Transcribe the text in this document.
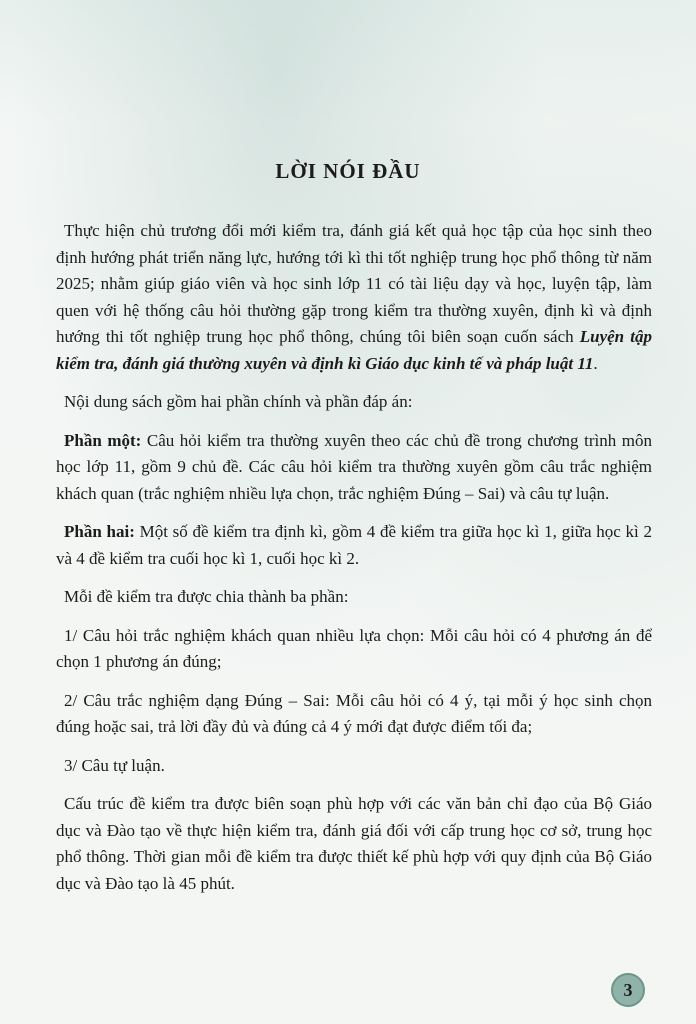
LỜI NÓI ĐẦU

Thực hiện chủ trương đổi mới kiểm tra, đánh giá kết quả học tập của học sinh theo định hướng phát triển năng lực, hướng tới kì thi tốt nghiệp trung học phổ thông từ năm 2025; nhằm giúp giáo viên và học sinh lớp 11 có tài liệu dạy và học, luyện tập, làm quen với hệ thống câu hỏi thường gặp trong kiểm tra thường xuyên, định kì và định hướng thi tốt nghiệp trung học phổ thông, chúng tôi biên soạn cuốn sách Luyện tập kiểm tra, đánh giá thường xuyên và định kì Giáo dục kinh tế và pháp luật 11.

Nội dung sách gồm hai phần chính và phần đáp án:

Phần một: Câu hỏi kiểm tra thường xuyên theo các chủ đề trong chương trình môn học lớp 11, gồm 9 chủ đề. Các câu hỏi kiểm tra thường xuyên gồm câu trắc nghiệm khách quan (trắc nghiệm nhiều lựa chọn, trắc nghiệm Đúng – Sai) và câu tự luận.

Phần hai: Một số đề kiểm tra định kì, gồm 4 đề kiểm tra giữa học kì 1, giữa học kì 2 và 4 đề kiểm tra cuối học kì 1, cuối học kì 2.

Mỗi đề kiểm tra được chia thành ba phần:

1/ Câu hỏi trắc nghiệm khách quan nhiều lựa chọn: Mỗi câu hỏi có 4 phương án để chọn 1 phương án đúng;

2/ Câu trắc nghiệm dạng Đúng – Sai: Mỗi câu hỏi có 4 ý, tại mỗi ý học sinh chọn đúng hoặc sai, trả lời đầy đủ và đúng cả 4 ý mới đạt được điểm tối đa;

3/ Câu tự luận.

Cấu trúc đề kiểm tra được biên soạn phù hợp với các văn bản chỉ đạo của Bộ Giáo dục và Đào tạo về thực hiện kiểm tra, đánh giá đối với cấp trung học cơ sở, trung học phổ thông. Thời gian mỗi đề kiểm tra được thiết kế phù hợp với quy định của Bộ Giáo dục và Đào tạo là 45 phút.

3
